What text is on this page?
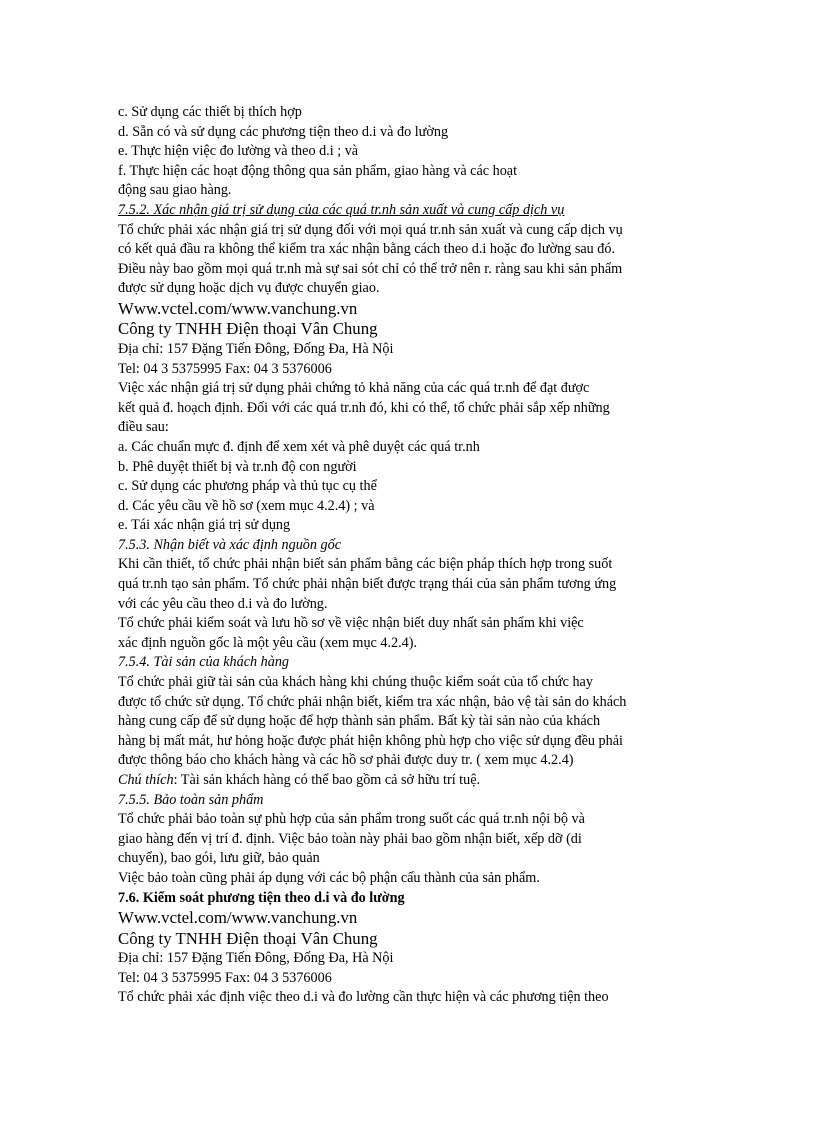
c. Sử dụng các thiết bị thích hợp
d. Sẵn có và sử dụng các phương tiện theo d.i và đo lường
e. Thực hiện việc đo lường và theo d.i ; và
f. Thực hiện các hoạt động thông qua sản phẩm, giao hàng và các hoạt
động sau giao hàng.
7.5.2. Xác nhận giá trị sử dụng của các quá tr.nh sản xuất và cung cấp dịch vụ
Tổ chức phải xác nhận giá trị sử dụng đối với mọi quá tr.nh sản xuất và cung cấp dịch vụ
có kết quả đầu ra không thể kiểm tra xác nhận bằng cách theo d.i hoặc đo lường sau đó.
Điều này bao gồm mọi quá tr.nh mà sự sai sót chỉ có thể trở nên r. ràng sau khi sản phẩm
được sử dụng hoặc dịch vụ được chuyển giao.
Www.vctel.com/www.vanchung.vn
Công ty TNHH Điện thoại Vân Chung
Địa chỉ: 157 Đặng Tiến Đông, Đống Đa, Hà Nội
Tel: 04 3 5375995 Fax: 04 3 5376006
Việc xác nhận giá trị sử dụng phải chứng tỏ khả năng của các quá tr.nh để đạt được
kết quả đ. hoạch định. Đối với các quá tr.nh đó, khi có thể, tổ chức phải sắp xếp những
điều sau:
a. Các chuẩn mực đ. định để xem xét và phê duyệt các quá tr.nh
b. Phê duyệt thiết bị và tr.nh độ con người
c. Sử dụng các phương pháp và thủ tục cụ thể
d. Các yêu cầu về hồ sơ (xem mục 4.2.4) ; và
e. Tái xác nhận giá trị sử dụng
7.5.3. Nhận biết và xác định nguồn gốc
Khi cần thiết, tổ chức phải nhận biết sản phẩm bằng các biện pháp thích hợp trong suốt
quá tr.nh tạo sản phẩm. Tổ chức phải nhận biết được trạng thái của sản phẩm tương ứng
với các yêu cầu theo d.i và đo lường.
Tổ chức phải kiểm soát và lưu hồ sơ về việc nhận biết duy nhất sản phẩm khi việc
xác định nguồn gốc là một yêu cầu (xem mục 4.2.4).
7.5.4. Tài sản của khách hàng
Tổ chức phải giữ tài sản của khách hàng khi chúng thuộc kiểm soát của tổ chức hay
được tổ chức sử dụng. Tổ chức phải nhận biết, kiểm tra xác nhận, bảo vệ tài sản do khách
hàng cung cấp để sử dụng hoặc để hợp thành sản phẩm. Bất kỳ tài sản nào của khách
hàng bị mất mát, hư hỏng hoặc được phát hiện không phù hợp cho việc sử dụng đều phải
được thông báo cho khách hàng và các hồ sơ phải được duy tr. ( xem mục 4.2.4)
Chú thích: Tài sản khách hàng có thể bao gồm cả sở hữu trí tuệ.
7.5.5. Bảo toàn sản phẩm
Tổ chức phải bảo toàn sự phù hợp của sản phẩm trong suốt các quá tr.nh nội bộ và
giao hàng đến vị trí đ. định. Việc bảo toàn này phải bao gồm nhận biết, xếp dỡ (di
chuyển), bao gói, lưu giữ, bảo quản
Việc bảo toàn cũng phải áp dụng với các bộ phận cấu thành của sản phẩm.
7.6. Kiểm soát phương tiện theo d.i và đo lường
Www.vctel.com/www.vanchung.vn
Công ty TNHH Điện thoại Vân Chung
Địa chỉ: 157 Đặng Tiến Đông, Đống Đa, Hà Nội
Tel: 04 3 5375995 Fax: 04 3 5376006
Tổ chức phải xác định việc theo d.i và đo lường cần thực hiện và các phương tiện theo
